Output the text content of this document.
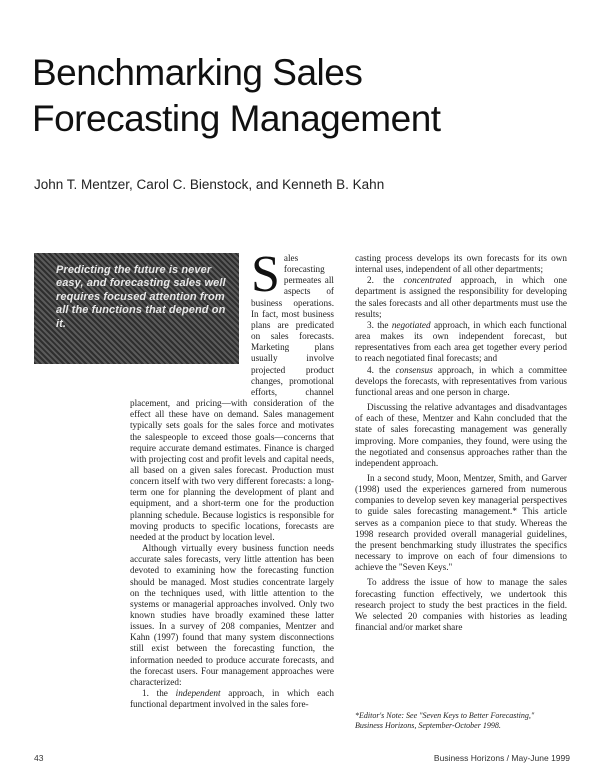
Benchmarking Sales
Forecasting Management

John T. Mentzer, Carol C. Bienstock, and Kenneth B. Kahn

Sales forecasting permeates all aspects of business operations. In fact, most business plans are predicated on sales forecasts. Marketing plans usually involve projected product changes, promotional efforts, channel placement, and pricing—with consideration of the effect all these have on demand. Sales management typically sets goals for the sales force and motivates the salespeople to exceed those goals—concerns that require accurate demand estimates. Finance is charged with projecting cost and profit levels and capital needs, all based on a given sales forecast. Production must concern itself with two very different forecasts: a long-term one for planning the development of plant and equipment, and a short-term one for the production planning schedule. Because logistics is responsible for moving products to specific locations, forecasts are needed at the product by location level.

Although virtually every business function needs accurate sales forecasts, very little attention has been devoted to examining how the forecasting function should be managed. Most studies concentrate largely on the techniques used, with little attention to the systems or managerial approaches involved. Only two known studies have broadly examined these latter issues. In a survey of 208 companies, Mentzer and Kahn (1997) found that many system disconnections still exist between the forecasting function, the information needed to produce accurate forecasts, and the forecast users. Four management approaches were characterized:

1. the independent approach, in which each functional department involved in the sales fore-

Predicting the future is never easy, and forecasting sales well requires focused attention from all the functions that depend on it.

casting process develops its own forecasts for its own internal uses, independent of all other departments;

2. the concentrated approach, in which one department is assigned the responsibility for developing the sales forecasts and all other departments must use the results;

3. the negotiated approach, in which each functional area makes its own independent forecast, but representatives from each area get together every period to reach negotiated final forecasts; and

4. the consensus approach, in which a committee develops the forecasts, with representatives from various functional areas and one person in charge.

Discussing the relative advantages and disadvantages of each of these, Mentzer and Kahn concluded that the state of sales forecasting management was generally improving. More companies, they found, were using the the negotiated and consensus approaches rather than the independent approach.

In a second study, Moon, Mentzer, Smith, and Garver (1998) used the experiences garnered from numerous companies to develop seven key managerial perspectives to guide sales forecasting management.* This article serves as a companion piece to that study. Whereas the 1998 research provided overall managerial guidelines, the present benchmarking study illustrates the specifics necessary to improve on each of four dimensions to achieve the "Seven Keys."

To address the issue of how to manage the sales forecasting function effectively, we undertook this research project to study the best practices in the field. We selected 20 companies with histories as leading financial and/or market share

*Editor's Note: See "Seven Keys to Better Forecasting,"
Business Horizons, September-October 1998.
43	Business Horizons / May-June 1999
